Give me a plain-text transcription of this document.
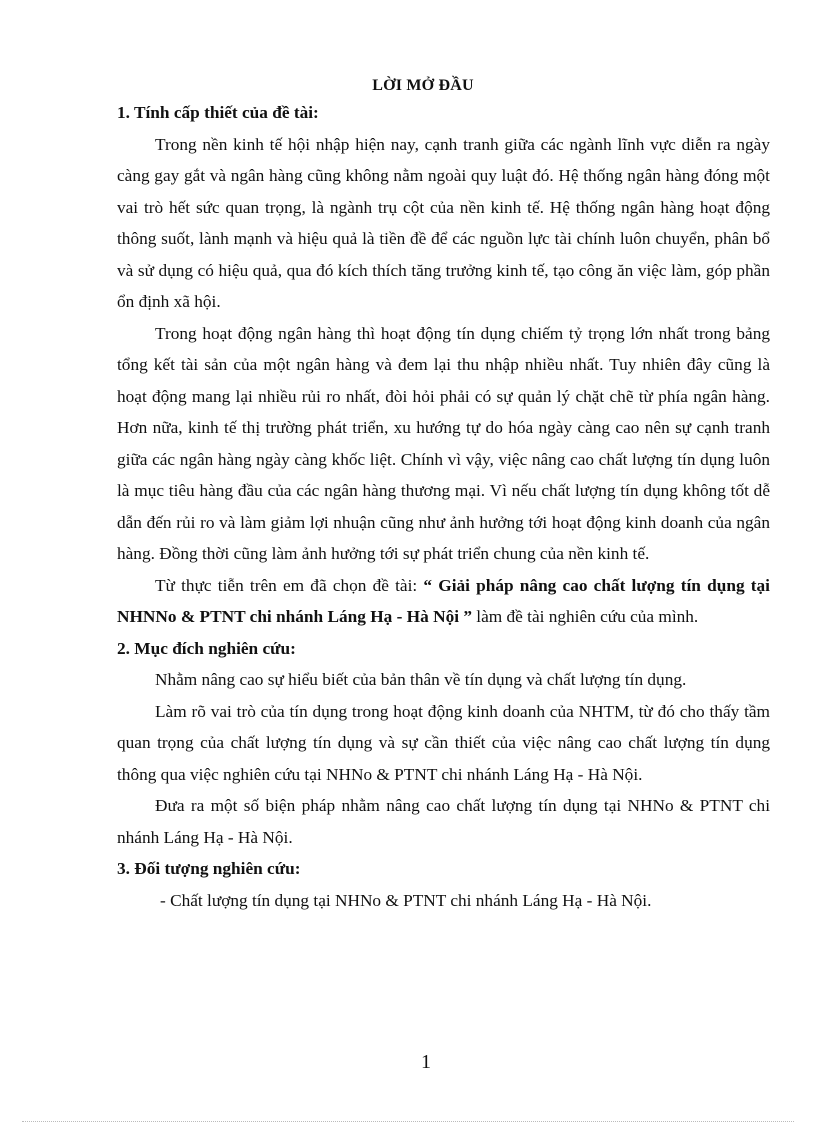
LỜI MỞ ĐẦU
1. Tính cấp thiết của đề tài:

Trong nền kinh tế hội nhập hiện nay, cạnh tranh giữa các ngành lĩnh vực diễn ra ngày càng gay gắt và ngân hàng cũng không nằm ngoài quy luật đó. Hệ thống ngân hàng đóng một vai trò hết sức quan trọng, là ngành trụ cột của nền kinh tế. Hệ thống ngân hàng hoạt động thông suốt, lành mạnh và hiệu quả là tiền đề để các nguồn lực tài chính luôn chuyển, phân bổ và sử dụng có hiệu quả, qua đó kích thích tăng trưởng kinh tế, tạo công ăn việc làm, góp phần ổn định xã hội.

Trong hoạt động ngân hàng thì hoạt động tín dụng chiếm tỷ trọng lớn nhất trong bảng tổng kết tài sản của một ngân hàng và đem lại thu nhập nhiều nhất. Tuy nhiên đây cũng là hoạt động mang lại nhiều rủi ro nhất, đòi hỏi phải có sự quản lý chặt chẽ từ phía ngân hàng. Hơn nữa, kinh tế thị trường phát triển, xu hướng tự do hóa ngày càng cao nên sự cạnh tranh giữa các ngân hàng ngày càng khốc liệt. Chính vì vậy, việc nâng cao chất lượng tín dụng luôn là mục tiêu hàng đầu của các ngân hàng thương mại. Vì nếu chất lượng tín dụng không tốt dễ dẫn đến rủi ro và làm giảm lợi nhuận cũng như ảnh hưởng tới hoạt động kinh doanh của ngân hàng. Đồng thời cũng làm ảnh hưởng tới sự phát triển chung của nền kinh tế.

Từ thực tiễn trên em đã chọn đề tài: “ Giải pháp nâng cao chất lượng tín dụng tại NHNNo & PTNT chi nhánh Láng Hạ - Hà Nội ” làm đề tài nghiên cứu của mình.

2. Mục đích nghiên cứu:

Nhằm nâng cao sự hiểu biết của bản thân về tín dụng và chất lượng tín dụng.

Làm rõ vai trò của tín dụng trong hoạt động kinh doanh của NHTM, từ đó cho thấy tầm quan trọng của chất lượng tín dụng và sự cần thiết của việc nâng cao chất lượng tín dụng thông qua việc nghiên cứu tại NHNo & PTNT chi nhánh Láng Hạ - Hà Nội.

Đưa ra một số biện pháp nhằm nâng cao chất lượng tín dụng tại NHNo & PTNT chi nhánh Láng Hạ - Hà Nội.

3. Đối tượng nghiên cứu:

- Chất lượng tín dụng tại NHNo & PTNT chi nhánh Láng Hạ - Hà Nội.

1
